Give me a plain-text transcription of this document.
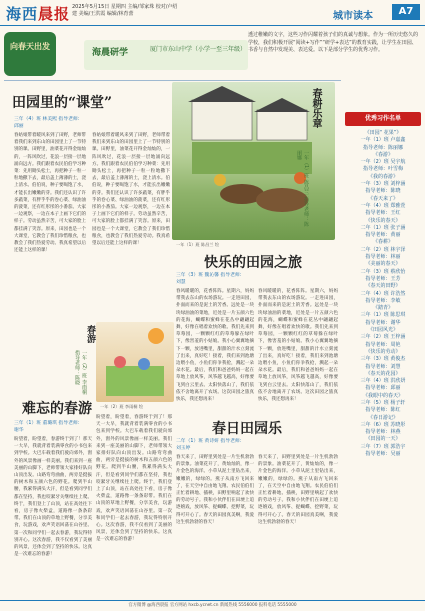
海西晨报 2025年5月15日 星期四 主编/邹家珠 校对/卢绍建 美编/王洪霞 编辑/林育蕾	城市读本	A7
向春天出发
海晨研学	厦门市东山中学（小学一至三年级）
透过稚嫩的文字，这些习作闪耀着孩子们的真诚与想象。作为一所历史悠久的学校，我们积极开展“阅读+写作”“研学+表达”的教育实践，让学生在田园、书香与自然中发现美、表达爱。以下是部分学生的优秀习作。
田园里的“课堂”
三年（4）班 林美熙 指导老师：邱丽
春姑娘带着暖风来到了田野，老师带着我们来到东山的田园里上了一节特别的课。田野里，油菜花开得金灿灿的，一阵风吹过，花浪一层接一层地涌向远方。我们跟着农民伯伯学习种菜：先用锄头松土，再把种子一粒一粒地撒下去，最后盖上薄薄的土，浇上清水。伯伯说，种子要喝饱了水，才能长出嫩嫩的芽。我们还认识了许多蔬菜，有胖乎乎的卷心菜、绿油油的菠菜，还有红彤彤的小番茄。大家一边观察，一边在本子上画下它们的样子。劳动虽然辛苦，可大家的脸上都挂满了笑容。原来，田园也是一个大课堂，它教会了我们珍惜粮食，也教会了我们热爱劳动。我真希望以后还能上这样的课！
春姑娘带着暖风来到了田野，老师带着我们来到东山的田园里上了一节特别的课。田野里，油菜花开得金灿灿的，一阵风吹过，花浪一层接一层地涌向远方。我们跟着农民伯伯学习种菜：先用锄头松土，再把种子一粒一粒地撒下去，最后盖上薄薄的土，浇上清水。伯伯说，种子要喝饱了水，才能长出嫩嫩的芽。我们还认识了许多蔬菜，有胖乎乎的卷心菜、绿油油的菠菜，还有红彤彤的小番茄。大家一边观察，一边在本子上画下它们的样子。劳动虽然辛苦，可大家的脸上都挂满了笑容。原来，田园也是一个大课堂，它教会了我们珍惜粮食，也教会了我们热爱劳动。我真希望以后还能上这样的课！
春耕乐章
一年（1）班 陈昌兰 指导老师：陈丽娜
一年（1）班 陈昌兰 绘
快乐的田园之旅
三年（3）班 魏沁馨 指导老师：刘慧
春风暖暖的，花香阵阵。星期六，妈妈带我去东山的农场游玩。一走进田园，扑面而来的是泥土的芳香。远处是一块块绿油油的菜地，近处是一片五颜六色的花海，蝴蝶和蜜蜂在花丛中翩翩起舞，好像在唱着欢快的歌。我们先来到草莓园，一颗颗红红的草莓躲在绿叶下，像害羞的小姑娘。我小心翼翼地摘下一颗，放进嘴里，甜甜的汁水立刻流了出来，真好吃！接着，我们来到池塘边喂小鱼，小鱼们你争我抢，溅起一朵朵水花。最后，我们和爸爸妈妈一起在草地上放风筝，风筝越飞越高，好像要飞到白云里去。太阳快落山了，我们依依不舍地离开了农场。这次田园之旅真快乐，我还想再来！
春风暖暖的，花香阵阵。星期六，妈妈带我去东山的农场游玩。一走进田园，扑面而来的是泥土的芳香。远处是一块块绿油油的菜地，近处是一片五颜六色的花海，蝴蝶和蜜蜂在花丛中翩翩起舞，好像在唱着欢快的歌。我们先来到草莓园，一颗颗红红的草莓躲在绿叶下，像害羞的小姑娘。我小心翼翼地摘下一颗，放进嘴里，甜甜的汁水立刻流了出来，真好吃！接着，我们来到池塘边喂小鱼，小鱼们你争我抢，溅起一朵朵水花。最后，我们和爸爸妈妈一起在草地上放风筝，风筝越飞越高，好像要飞到白云里去。太阳快落山了，我们依依不舍地离开了农场。这次田园之旅真快乐，我还想再来！
春游
一年（2）班 李雨桐 指导老师：陈晓
一年（2）班 李雨桐 绘
难忘的春游
三年（1）班 董璐琪 指导老师：谢华
盼望着，盼望着，春游终于到了！那天一大早，我就背着装满零食的小书包来到学校。大巴车载着我们驶向郊外，窗外的风景像画一样美丽。我们来到一座美丽的山脚下，老师带领大家排好队向山顶出发。山路弯弯曲曲，两旁是挺拔的树木和五颜六色的野花。爬到半山腰，我累得满头大汗，但是看到同学们都在坚持，我也咬紧牙关继续往上爬。终于，我们登上了山顶，站在高处往下看，房子像火柴盒，道路像一条条彩带。我们在山顶的草地上野餐，分享美食，玩游戏，欢声笑语回荡在山谷里。第一次和同学们一起去春游，我玩得特别开心。这次春游，我不仅看到了美丽的风景，还体会到了坚持的快乐。这真是一次难忘的春游！
盼望着，盼望着，春游终于到了！那天一大早，我就背着装满零食的小书包来到学校。大巴车载着我们驶向郊外，窗外的风景像画一样美丽。我们来到一座美丽的山脚下，老师带领大家排好队向山顶出发。山路弯弯曲曲，两旁是挺拔的树木和五颜六色的野花。爬到半山腰，我累得满头大汗，但是看到同学们都在坚持，我也咬紧牙关继续往上爬。终于，我们登上了山顶，站在高处往下看，房子像火柴盒，道路像一条条彩带。我们在山顶的草地上野餐，分享美食，玩游戏，欢声笑语回荡在山谷里。第一次和同学们一起去春游，我玩得特别开心。这次春游，我不仅看到了美丽的风景，还体会到了坚持的快乐。这真是一次难忘的春游！
春日田园乐
二年（1）班 黄诗妍 指导老师：刘玉婷
春天来了，田野里到处是一片生机勃勃的景象。油菜花开了，黄灿灿的，像一片金色的海洋。小草从泥土里钻出来，嫩嫩的，绿绿的。燕子从南方飞回来了，在天空中自由地飞翔。农民伯伯们正忙着耕地、插秧，田野里响起了欢快的劳动号子。我和小伙伴们在田埂上追逐嬉戏，放风筝、捉蝴蝶、挖野菜，玩得可开心了。春天的田园真美啊，我爱这生机勃勃的春天！
春天来了，田野里到处是一片生机勃勃的景象。油菜花开了，黄灿灿的，像一片金色的海洋。小草从泥土里钻出来，嫩嫩的，绿绿的。燕子从南方飞回来了，在天空中自由地飞翔。农民伯伯们正忙着耕地、插秧，田野里响起了欢快的劳动号子。我和小伙伴们在田埂上追逐嬉戏，放风筝、捉蝴蝶、挖野菜，玩得可开心了。春天的田园真美啊，我爱这生机勃勃的春天！
优秀习作名单
《田园“ 花果”》
一年（1）班 卢嘉鑫
指导老师：陈丽娜
《春游》
一年（2）班 吴宇航
指导老师：叶雪梅
《我的春游》
一年（3）班 刘梓涵
指导老师：陈晓
《春天来了》
一年（4）班 郑雅萱
指导老师：王红
《快乐的春天》
二年（1）班 张子涵
指导老师：黄丽
《春耕》
二年（2）班 林宇泽
指导老师：林丽
《美丽的春天》
二年（3）班 蔡欣怡
指导老师：王芳
《春天的田野》
二年（4）班 许浩然
指导老师：李敏
《踏青》
三年（1）班 陈思琪
指导老师：谢华
《田园风光》
三年（2）班 王梓涵
指导老师：周艳
《快乐的劳动》
三年（3）班 黄俊杰
指导老师：刘慧
《春天的花园》
三年（4）班 洪欣妍
指导老师：邱丽
《我眼中的春天》
三年（5）班 杨子轩
指导老师：陈红
《春日游记》
三年（6）班 苏晓彤
指导老师：林燕
《田园的一天》
三年（7）班 郭浩宇
指导老师：吴丽
官方微博 @海西晨报 官方网站 hxcb.ycnet.cn 新闻热线 5556000 报料电话 5555000
